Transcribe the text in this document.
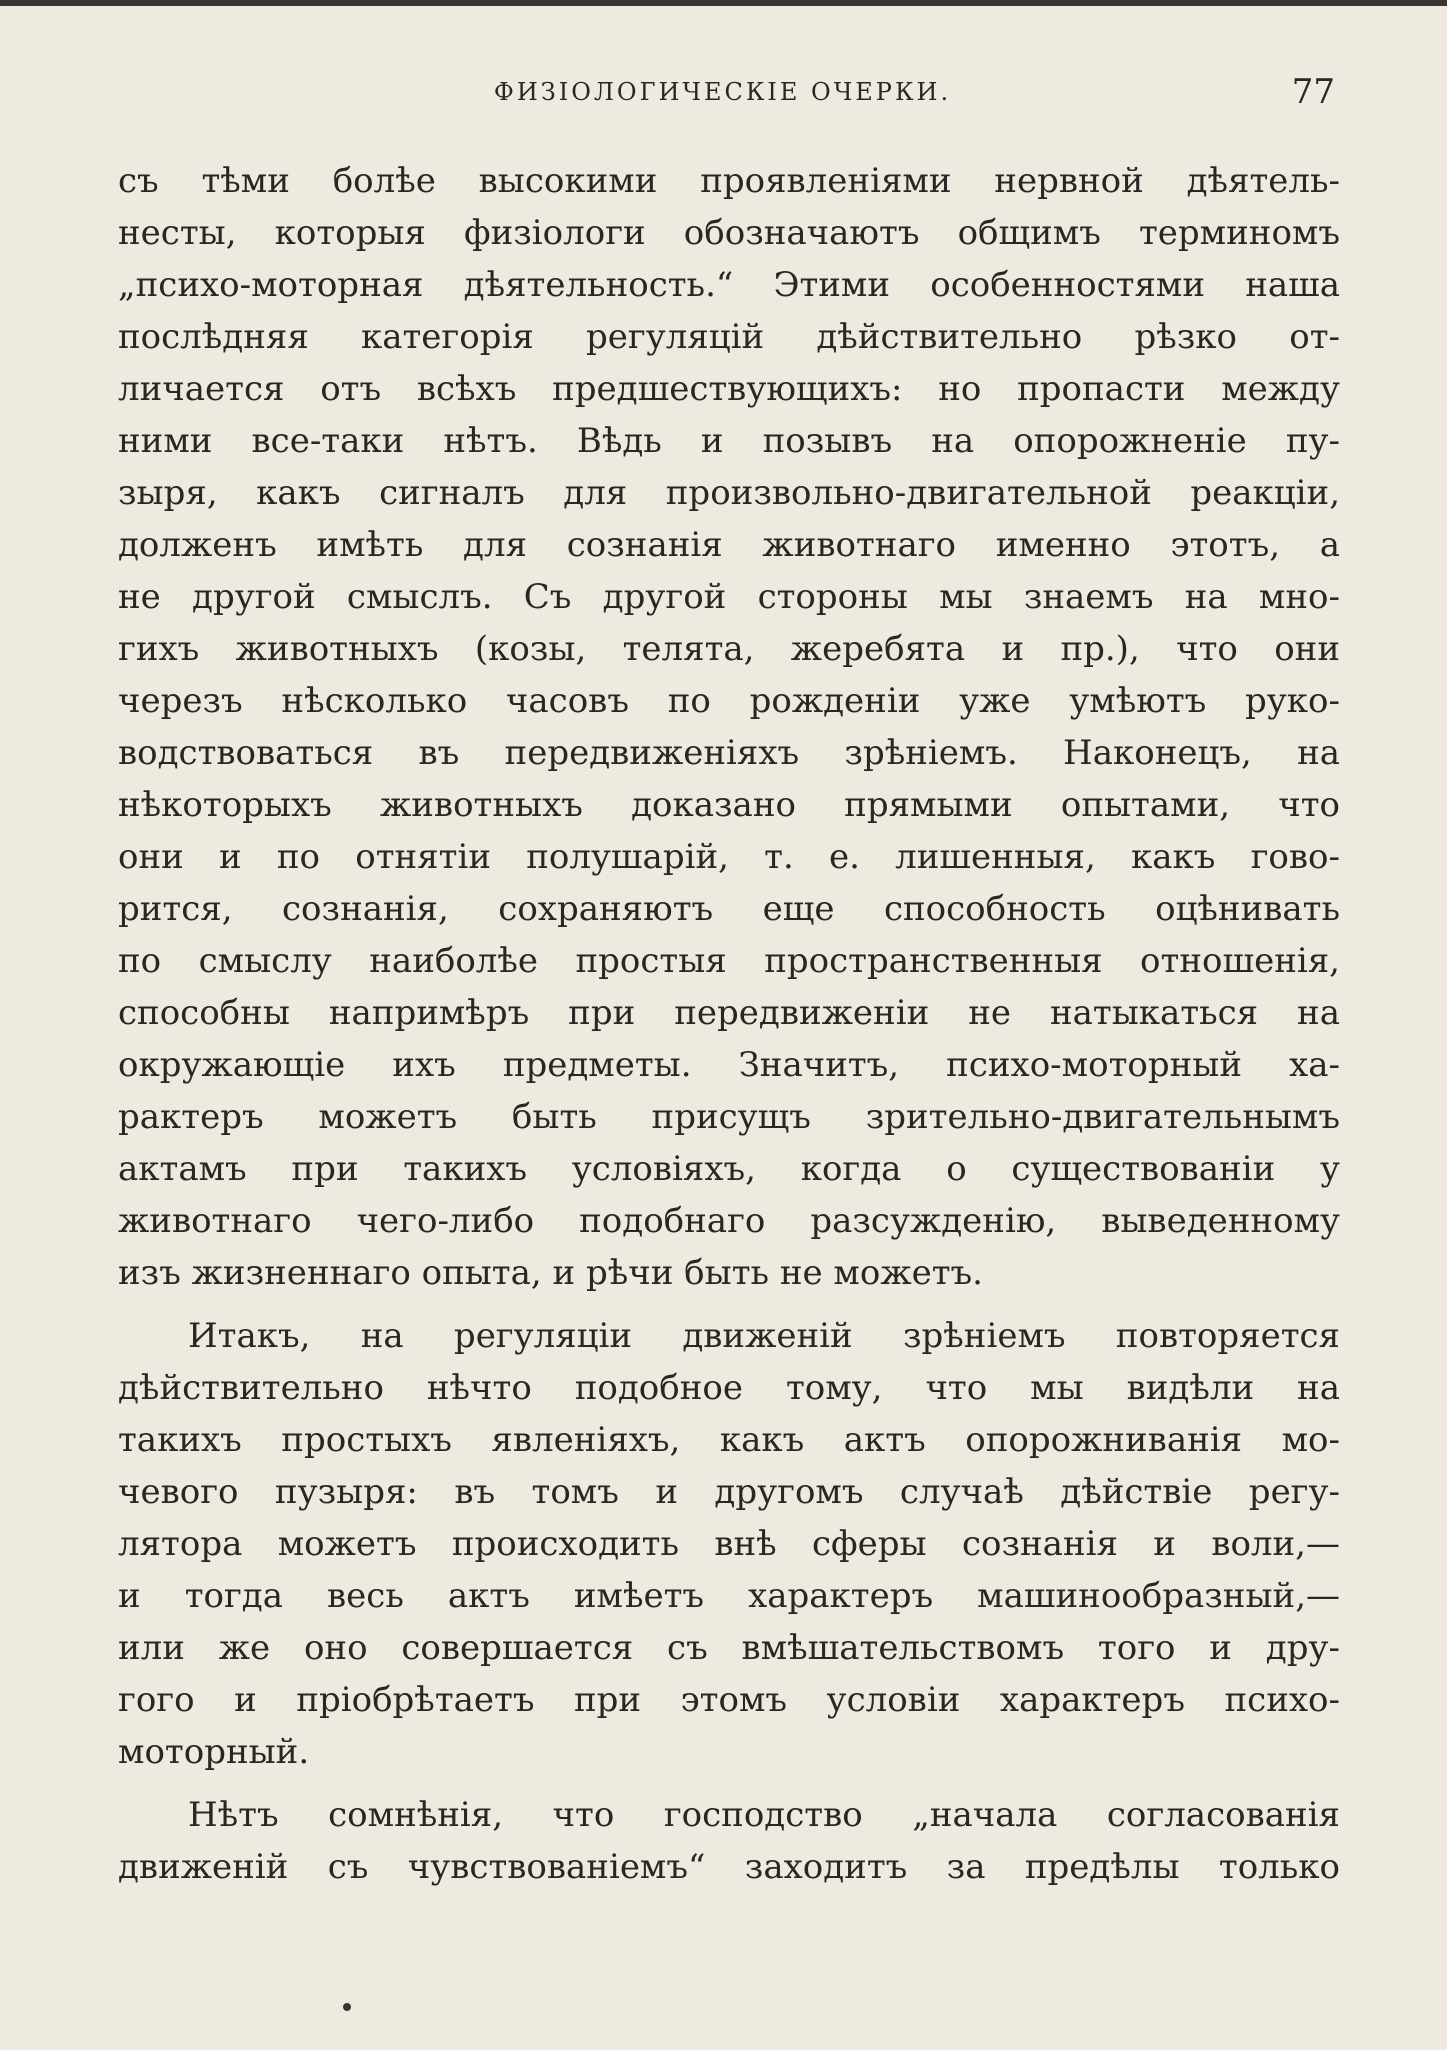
ФИЗІОЛОГИЧЕСКІЕ ОЧЕРКИ.	77
съ тѣми болѣе высокими проявленіями нервной дѣятель-
несты, которыя физіологи обозначаютъ общимъ терминомъ
„психо-моторная дѣятельность.“ Этими особенностями наша
послѣдняя категорія регуляцій дѣйствительно рѣзко от-
личается отъ всѣхъ предшествующихъ: но пропасти между
ними все-таки нѣтъ. Вѣдь и позывъ на опорожненіе пу-
зыря, какъ сигналъ для произвольно-двигательной реакціи,
долженъ имѣть для сознанія животнаго именно этотъ, а
не другой смыслъ. Съ другой стороны мы знаемъ на мно-
гихъ животныхъ (козы, телята, жеребята и пр.), что они
черезъ нѣсколько часовъ по рожденіи уже умѣютъ руко-
водствоваться въ передвиженіяхъ зрѣніемъ. Наконецъ, на
нѣкоторыхъ животныхъ доказано прямыми опытами, что
они и по отнятіи полушарій, т. е. лишенныя, какъ гово-
рится, сознанія, сохраняютъ еще способность оцѣнивать
по смыслу наиболѣе простыя пространственныя отношенія,
способны напримѣръ при передвиженіи не натыкаться на
окружающіе ихъ предметы. Значитъ, психо-моторный ха-
рактеръ можетъ быть присущъ зрительно-двигательнымъ
актамъ при такихъ условіяхъ, когда о существованіи у
животнаго чего-либо подобнаго разсужденію, выведенному
изъ жизненнаго опыта, и рѣчи быть не можетъ.
Итакъ, на регуляціи движеній зрѣніемъ повторяется
дѣйствительно нѣчто подобное тому, что мы видѣли на
такихъ простыхъ явленіяхъ, какъ актъ опорожниванія мо-
чевого пузыря: въ томъ и другомъ случаѣ дѣйствіе регу-
лятора можетъ происходить внѣ сферы сознанія и воли,—
и тогда весь актъ имѣетъ характеръ машинообразный,—
или же оно совершается съ вмѣшательствомъ того и дру-
гого и пріобрѣтаетъ при этомъ условіи характеръ психо-
моторный.
Нѣтъ сомнѣнія, что господство „начала согласованія
движеній съ чувствованіемъ“ заходитъ за предѣлы только
